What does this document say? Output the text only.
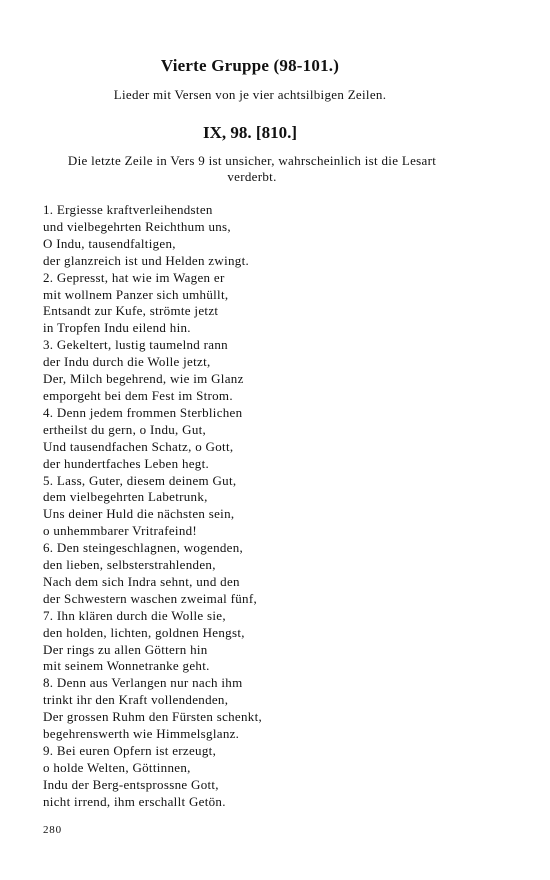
Vierte Gruppe (98-101.)
Lieder mit Versen von je vier achtsilbigen Zeilen.
IX, 98. [810.]
Die letzte Zeile in Vers 9 ist unsicher, wahrscheinlich ist die Lesart verderbt.
1. Ergiesse kraftverleihendsten
und vielbegehrten Reichthum uns,
O Indu, tausendfaltigen,
der glanzreich ist und Helden zwingt.
2. Gepresst, hat wie im Wagen er
mit wollnem Panzer sich umhüllt,
Entsandt zur Kufe, strömte jetzt
in Tropfen Indu eilend hin.
3. Gekeltert, lustig taumelnd rann
der Indu durch die Wolle jetzt,
Der, Milch begehrend, wie im Glanz
emporgeht bei dem Fest im Strom.
4. Denn jedem frommen Sterblichen
ertheilst du gern, o Indu, Gut,
Und tausendfachen Schatz, o Gott,
der hundertfaches Leben hegt.
5. Lass, Guter, diesem deinem Gut,
dem vielbegehrten Labetrunk,
Uns deiner Huld die nächsten sein,
o unhemmbarer Vritrafeind!
6. Den steingeschlagnen, wogenden,
den lieben, selbsterstrahlenden,
Nach dem sich Indra sehnt, und den
der Schwestern waschen zweimal fünf,
7. Ihn klären durch die Wolle sie,
den holden, lichten, goldnen Hengst,
Der rings zu allen Göttern hin
mit seinem Wonnetranke geht.
8. Denn aus Verlangen nur nach ihm
trinkt ihr den Kraft vollendenden,
Der grossen Ruhm den Fürsten schenkt,
begehrenswerth wie Himmelsglanz.
9. Bei euren Opfern ist erzeugt,
o holde Welten, Göttinnen,
Indu der Berg-entsprossne Gott,
nicht irrend, ihm erschallt Getön.
280
